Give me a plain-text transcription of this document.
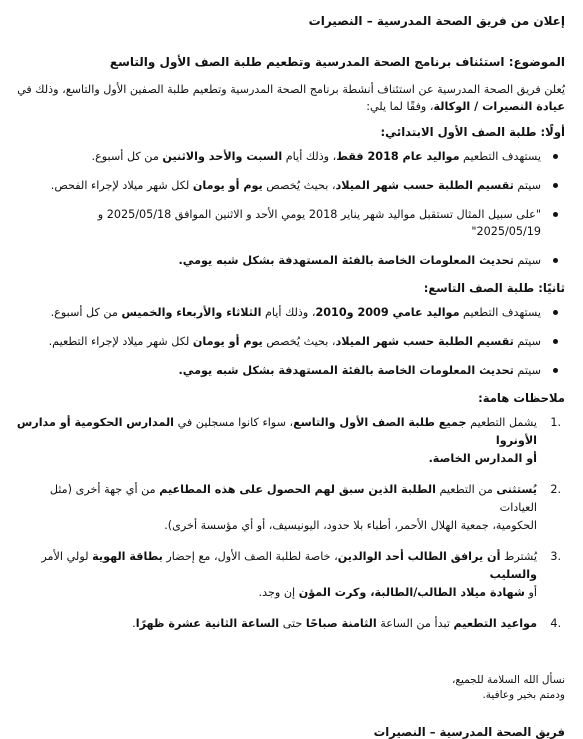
إعلان من فريق الصحة المدرسية – النصيرات

الموضوع: استئناف برنامج الصحة المدرسية وتطعيم طلبة الصف الأول والتاسع

يُعلن فريق الصحة المدرسية عن استئناف أنشطة برنامج الصحة المدرسية وتطعيم طلبة الصفين الأول والتاسع، وذلك في
عيادة النصيرات / الوكالة، وفقًا لما يلي:

أولًا: طلبة الصف الأول الابتدائي:

يستهدف التطعيم مواليد عام 2018 فقط، وذلك أيام السبت والأحد والاثنين من كل أسبوع.
سيتم تقسيم الطلبة حسب شهر الميلاد، بحيث يُخصص يوم أو يومان لكل شهر ميلاد لإجراء الفحص.
"على سبيل المثال تستقبل مواليد شهر يناير 2018 يومي الأحد و الاثنين الموافق 2025/05/18 و
2025/05/19"
سيتم تحديث المعلومات الخاصة بالفئة المستهدفة بشكل شبه يومي.

ثانيًا: طلبة الصف التاسع:

يستهدف التطعيم مواليد عامي 2009 و2010، وذلك أيام الثلاثاء والأربعاء والخميس من كل أسبوع.
سيتم تقسيم الطلبة حسب شهر الميلاد، بحيث يُخصص يوم أو يومان لكل شهر ميلاد لإجراء التطعيم.
سيتم تحديث المعلومات الخاصة بالفئة المستهدفة بشكل شبه يومي.

ملاحظات هامة:

.1
يشمل التطعيم جميع طلبة الصف الأول والتاسع، سواء كانوا مسجلين في المدارس الحكومية أو مدارس الأونروا
أو المدارس الخاصة.
.2
يُستثنى من التطعيم الطلبة الذين سبق لهم الحصول على هذه المطاعيم من أي جهة أخرى (مثل العيادات
الحكومية، جمعية الهلال الأحمر، أطباء بلا حدود، اليونيسيف، أو أي مؤسسة أخرى).
.3
يُشترط أن يرافق الطالب أحد الوالدين، خاصة لطلبة الصف الأول، مع إحضار بطاقة الهوية لولي الأمر والسليب
أو شهادة ميلاد الطالب/الطالبة، وكرت المؤن إن وجد.
.4
مواعيد التطعيم تبدأ من الساعة الثامنة صباحًا حتى الساعة الثانية عشرة ظهرًا.
نسأل الله السلامة للجميع،
ودمتم بخير وعافية.

فريق الصحة المدرسية – النصيرات
